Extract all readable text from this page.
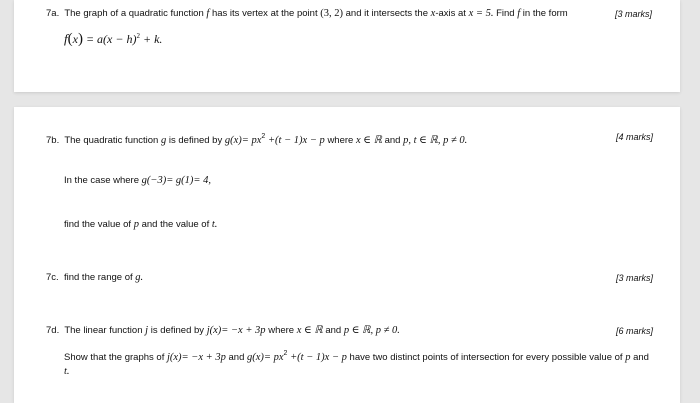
7a. The graph of a quadratic function f has its vertex at the point (3, 2) and it intersects the x-axis at x = 5. Find f in the form	[3 marks]
$f(x) = a(x - h)^2 + k$.
7b. The quadratic function g is defined by $g(x)= px^2 +(t - 1)x - p$ where x ∈ ℝ and p, t ∈ ℝ, p ≠ 0.	[4 marks]
In the case where g(−3)= g(1)= 4,
find the value of p and the value of t.
7c. find the range of g.	[3 marks]
7d. The linear function j is defined by j(x)= −x + 3p where x ∈ ℝ and p ∈ ℝ, p ≠ 0.	[6 marks]
Show that the graphs of j(x)= −x + 3p and $g(x)= px^2 +(t - 1)x - p$ have two distinct points of intersection for every possible value of p and t.
